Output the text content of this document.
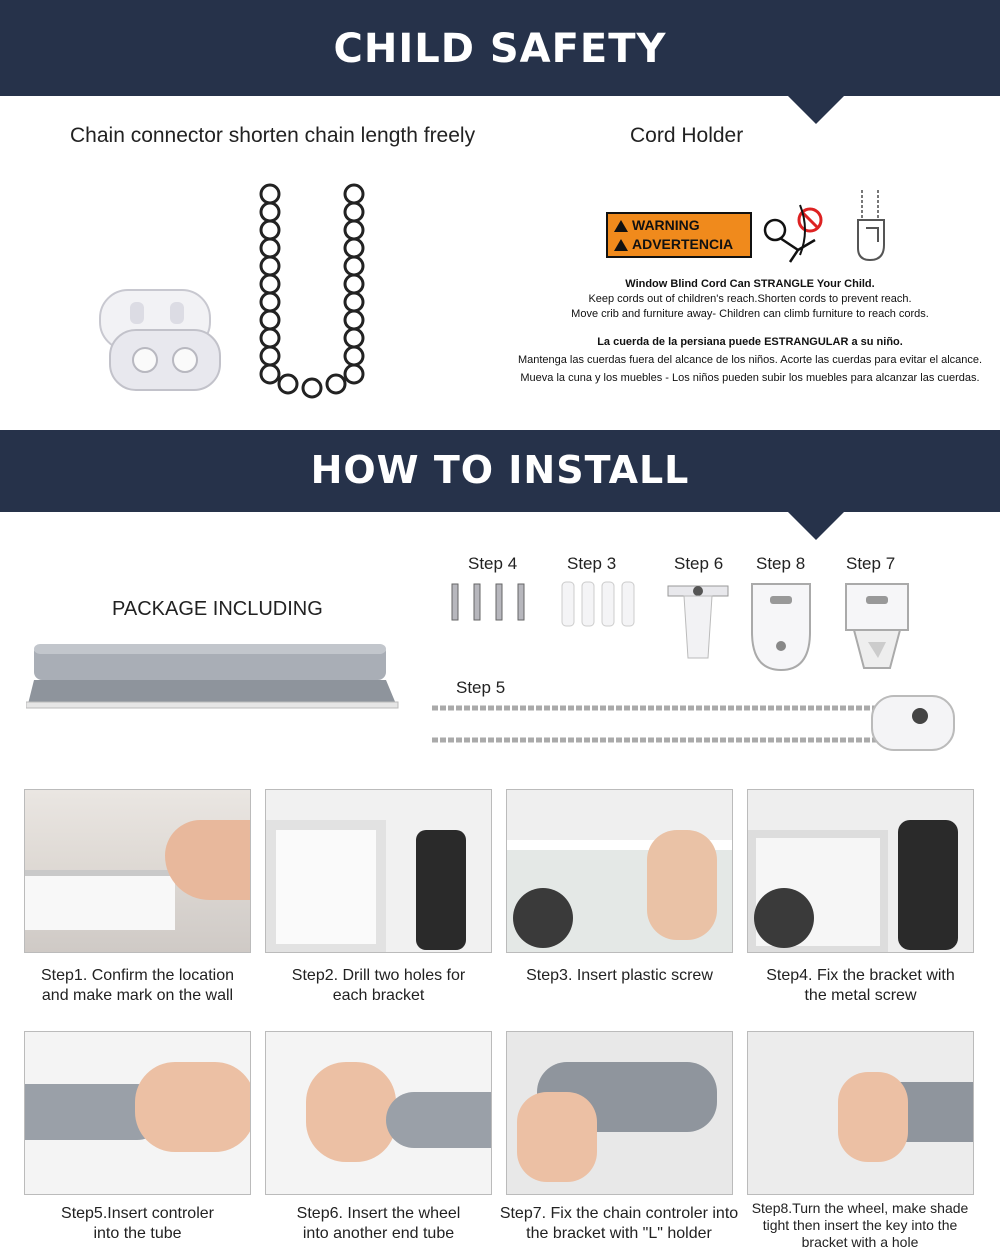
CHILD SAFETY
Chain connector shorten chain length freely	Cord Holder
WARNING
ADVERTENCIA
Window Blind Cord Can STRANGLE Your Child.
Keep cords out of children's reach.Shorten cords to prevent reach.
Move crib and furniture away- Children can climb furniture to reach cords.
La cuerda de la persiana puede ESTRANGULAR a su niño.
Mantenga las cuerdas fuera del alcance de los niños. Acorte las cuerdas para evitar el alcance.
Mueva la cuna y los muebles - Los niños pueden subir los muebles para alcanzar las cuerdas.
HOW TO INSTALL
PACKAGE INCLUDING
Step 4	Step 3	Step 6 Step 8 Step 7
Step 5
Step1. Confirm the location
and make mark on the wall
Step2. Drill two holes for
each bracket
Step3. Insert plastic screw	Step4. Fix the bracket with
the metal screw
Step5.Insert controler
into the tube
Step6. Insert the wheel
into another end tube
Step7. Fix the chain controler into
the bracket with "L" holder
Step8.Turn the wheel, make shade
tight then insert the key into the
bracket with a hole
